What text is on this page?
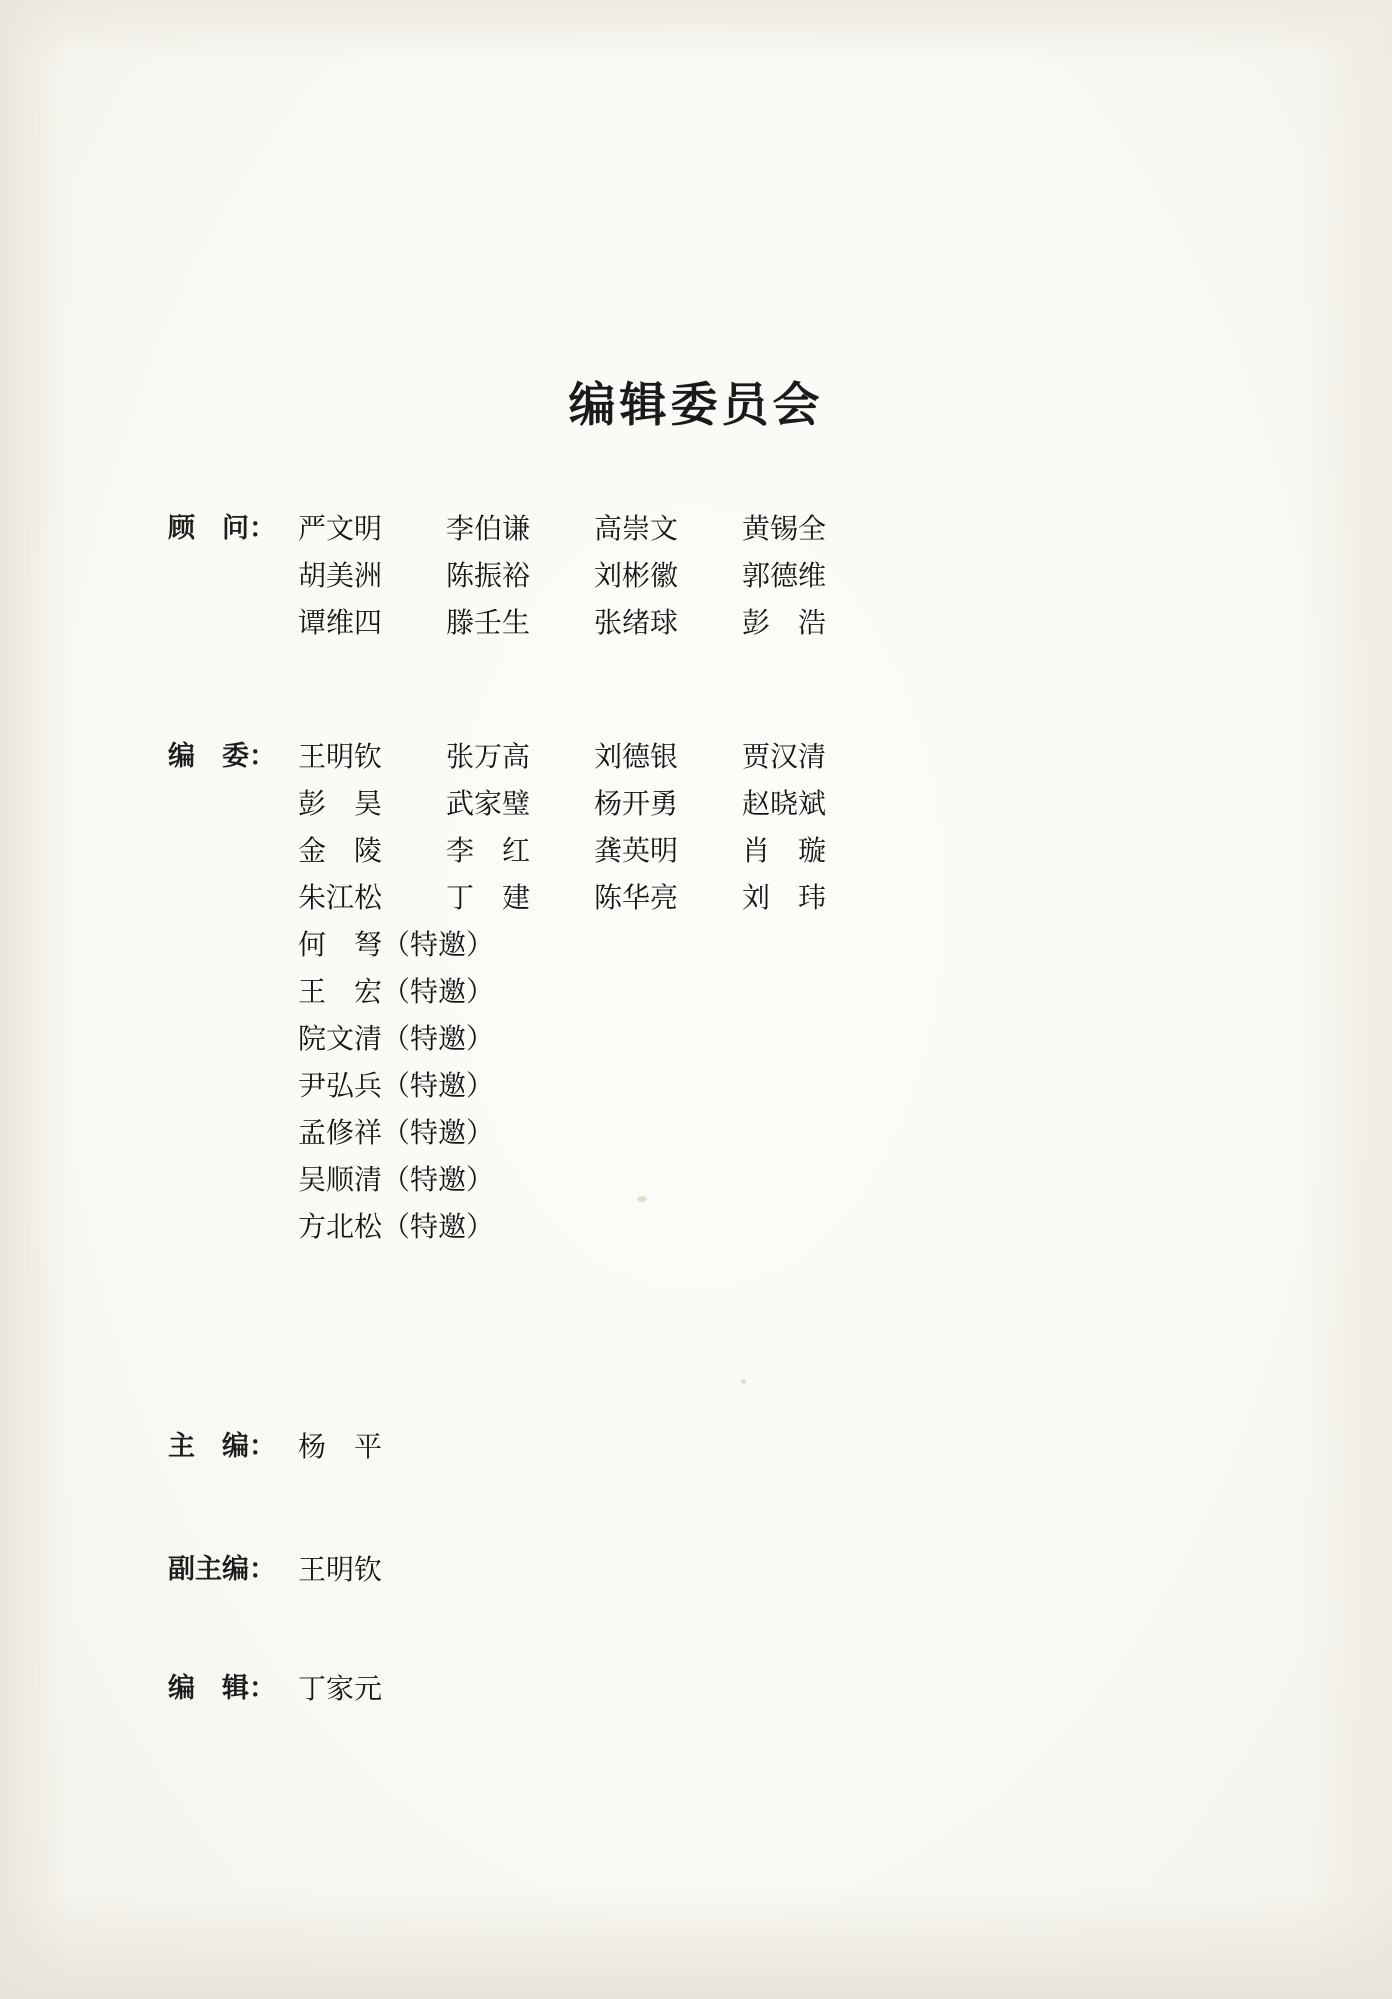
编辑委员会
顾　问： 严文明	李伯谦	高崇文	黄锡全
胡美洲	陈振裕	刘彬徽	郭德维
谭维四	滕壬生	张绪球	彭　浩
编　委： 王明钦	张万高	刘德银	贾汉清
彭　昊	武家璧	杨开勇	赵晓斌
金　陵	李　红	龚英明	肖　璇
朱江松	丁　建	陈华亮	刘　玮
何　弩（特邀）
王　宏（特邀）
院文清（特邀）
尹弘兵（特邀）
孟修祥（特邀）
吴顺清（特邀）
方北松（特邀）
主　编： 杨　平
副主编： 王明钦
编　辑： 丁家元
